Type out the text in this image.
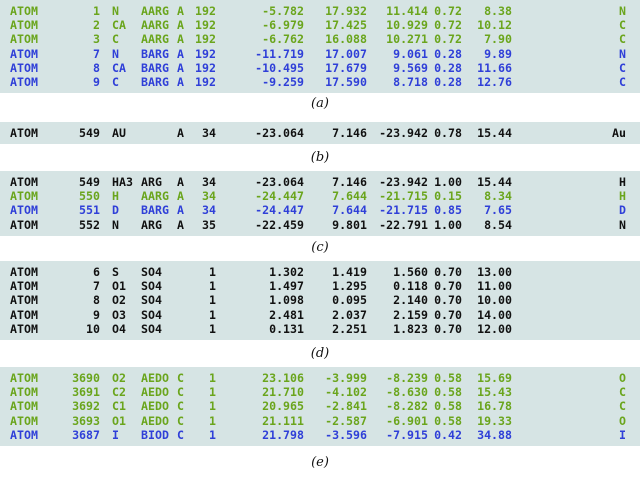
ATOM	1 N AARG A 192	-5.782	17.932	11.414 0.72	8.38	N
ATOM	2 CA AARG A 192	-6.979	17.425	10.929 0.72	10.12	C
ATOM	3 C AARG A 192	-6.762	16.088	10.271 0.72	7.90	C
ATOM	7 N BARG A 192	-11.719	17.007	9.061 0.28	9.89	N
ATOM	8 CA BARG A 192	-10.495	17.679	9.569 0.28	11.66	C
ATOM	9 C BARG A 192	-9.259	17.590	8.718 0.28	12.76	C
(a)
ATOM	549 AU	A	34	-23.064	7.146	-23.942 0.78	15.44	Au
(b)
ATOM	549 HA3 ARG A	34	-23.064	7.146	-23.942 1.00	15.44	H
ATOM	550 H AARG A	34	-24.447	7.644	-21.715 0.15	8.34	H
ATOM	551 D BARG A	34	-24.447	7.644	-21.715 0.85	7.65	D
ATOM	552 N ARG A	35	-22.459	9.801	-22.791 1.00	8.54	N
(c)
ATOM	6 S SO4	1	1.302	1.419	1.560 0.70	13.00
ATOM	7 O1 SO4	1	1.497	1.295	0.118 0.70	11.00
ATOM	8 O2 SO4	1	1.098	0.095	2.140 0.70	10.00
ATOM	9 O3 SO4	1	2.481	2.037	2.159 0.70	14.00
ATOM	10 O4 SO4	1	0.131	2.251	1.823 0.70	12.00
(d)
ATOM	3690 O2 AEDO C	1	23.106	-3.999	-8.239 0.58	15.69	O
ATOM	3691 C2 AEDO C	1	21.710	-4.102	-8.630 0.58	15.43	C
ATOM	3692 C1 AEDO C	1	20.965	-2.841	-8.282 0.58	16.78	C
ATOM	3693 O1 AEDO C	1	21.111	-2.587	-6.901 0.58	19.33	O
ATOM	3687 I BIOD C	1	21.798	-3.596	-7.915 0.42	34.88	I
(e)
